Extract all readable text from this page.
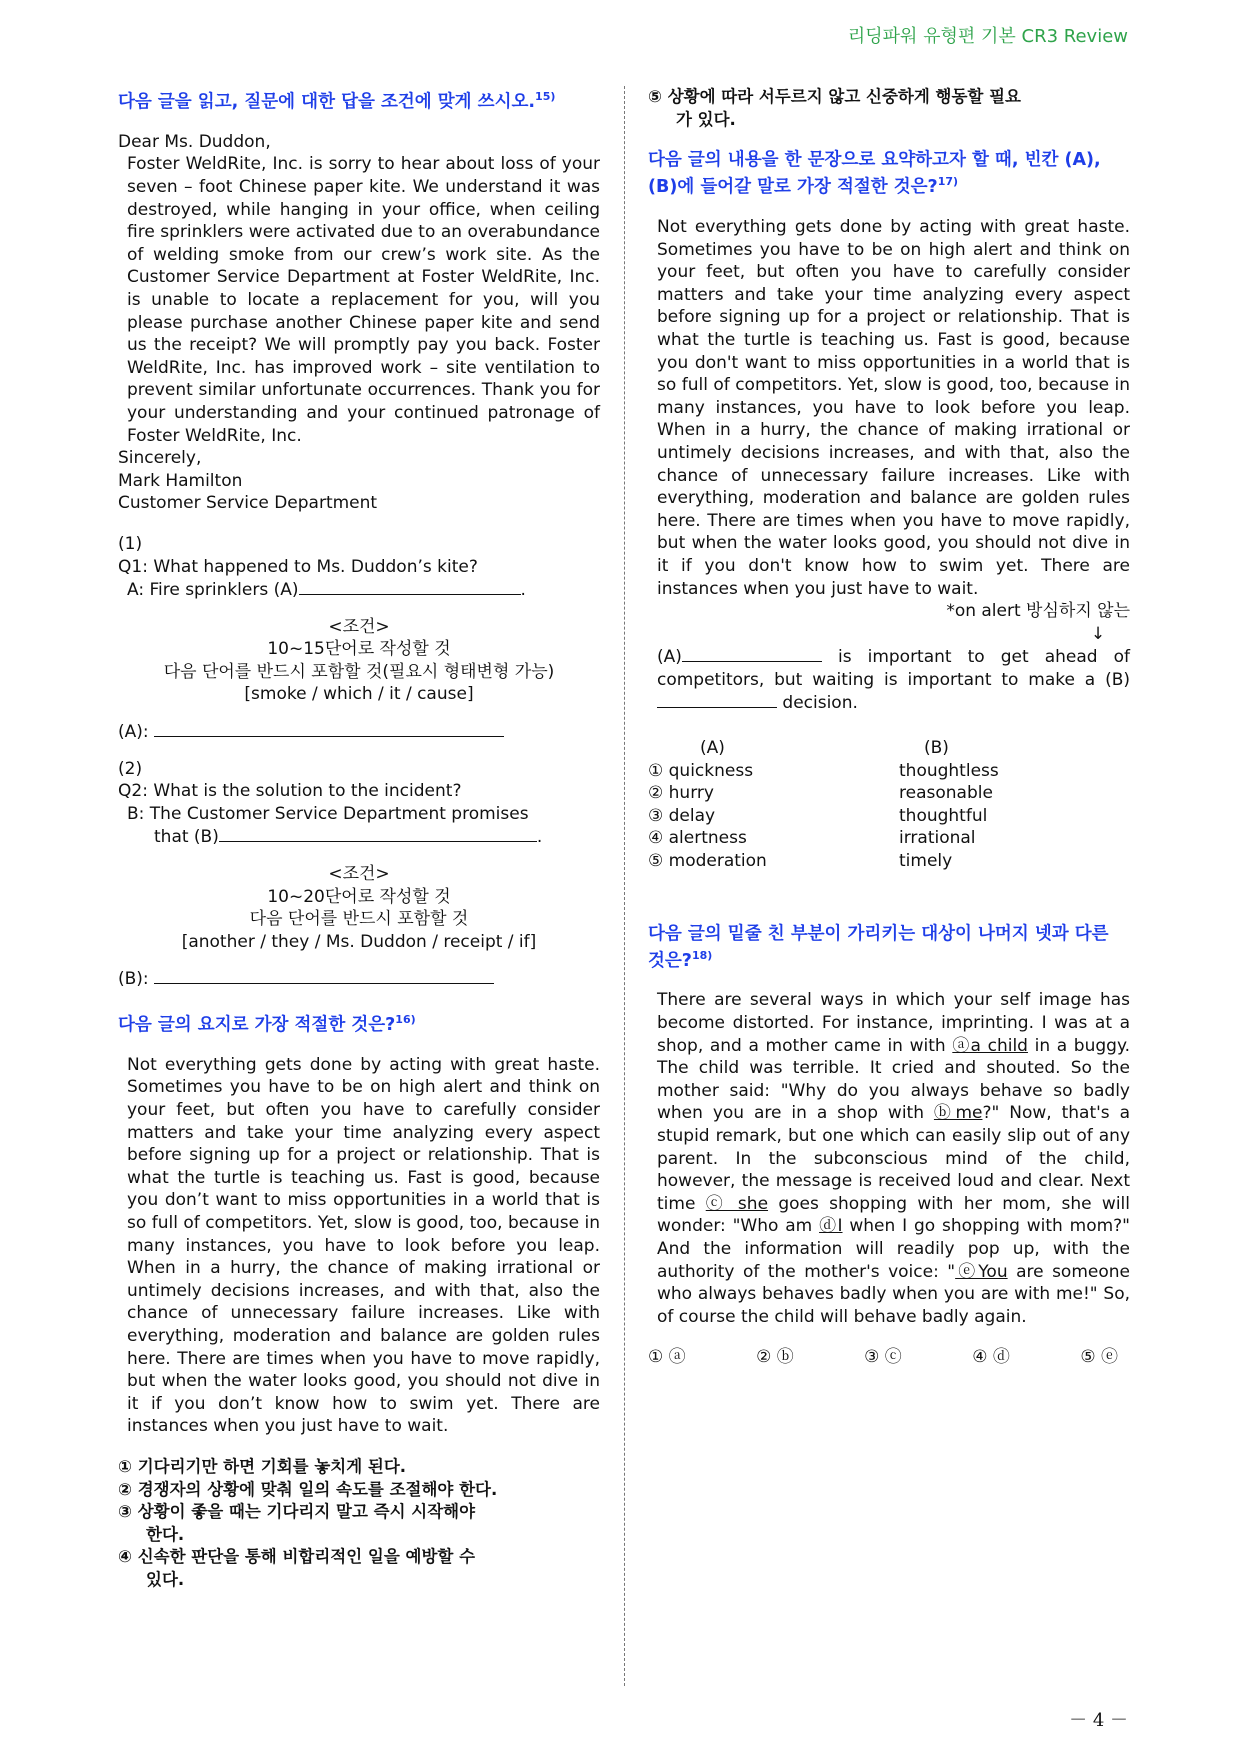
리딩파워 유형편 기본 CR3 Review
다음 글을 읽고, 질문에 대한 답을 조건에 맞게 쓰시오.$^{15)}$
Dear Ms. Duddon,
Foster WeldRite, Inc. is sorry to hear about loss of your seven – foot Chinese paper kite. We understand it was destroyed, while hanging in your office, when ceiling fire sprinklers were activated due to an overabundance of welding smoke from our crew’s work site. As the Customer Service Department at Foster WeldRite, Inc. is unable to locate a replacement for you, will you please purchase another Chinese paper kite and send us the receipt? We will promptly pay you back. Foster WeldRite, Inc. has improved work – site ventilation to prevent similar unfortunate occurrences. Thank you for your understanding and your continued patronage of Foster WeldRite, Inc.
Sincerely,
Mark Hamilton
Customer Service Department
(1)
Q1: What happened to Ms. Duddon’s kite?
A: Fire sprinklers (A)	.
<조건>
10~15단어로 작성할 것
다음 단어를 반드시 포함할 것(필요시 형태변형 가능)
[smoke / which / it / cause]
(A):
(2)
Q2: What is the solution to the incident?
B: The Customer Service Department promises
that (B)	.
<조건>
10~20단어로 작성할 것
다음 단어를 반드시 포함할 것
[another / they / Ms. Duddon / receipt / if]
(B):
다음 글의 요지로 가장 적절한 것은?$^{16)}$
Not everything gets done by acting with great haste. Sometimes you have to be on high alert and think on your feet, but often you have to carefully consider matters and take your time analyzing every aspect before signing up for a project or relationship. That is what the turtle is teaching us. Fast is good, because you don’t want to miss opportunities in a world that is so full of competitors. Yet, slow is good, too, because in many instances, you have to look before you leap. When in a hurry, the chance of making irrational or untimely decisions increases, and with that, also the chance of unnecessary failure increases. Like with everything, moderation and balance are golden rules here. There are times when you have to move rapidly, but when the water looks good, you should not dive in it if you don’t know how to swim yet. There are instances when you just have to wait.
① 기다리기만 하면 기회를 놓치게 된다.
② 경쟁자의 상황에 맞춰 일의 속도를 조절해야 한다.
③ 상황이 좋을 때는 기다리지 말고 즉시 시작해야
한다.
④ 신속한 판단을 통해 비합리적인 일을 예방할 수
있다.
⑤ 상황에 따라 서두르지 않고 신중하게 행동할 필요
가 있다.
다음 글의 내용을 한 문장으로 요약하고자 할 때, 빈칸 (A), (B)에 들어갈 말로 가장 적절한 것은?$^{17)}$
Not everything gets done by acting with great haste. Sometimes you have to be on high alert and think on your feet, but often you have to carefully consider matters and take your time analyzing every aspect before signing up for a project or relationship. That is what the turtle is teaching us. Fast is good, because you don't want to miss opportunities in a world that is so full of competitors. Yet, slow is good, too, because in many instances, you have to look before you leap. When in a hurry, the chance of making irrational or untimely decisions increases, and with that, also the chance of unnecessary failure increases. Like with everything, moderation and balance are golden rules here. There are times when you have to move rapidly, but when the water looks good, you should not dive in it if you don't know how to swim yet. There are instances when you just have to wait.
*on alert 방심하지 않는
↓
(A)	is important to get ahead of competitors, but waiting is important to make a (B) decision.
(A)	(B)
① quickness	thoughtless
② hurry	reasonable
③ delay	thoughtful
④ alertness	irrational
⑤ moderation	timely
다음 글의 밑줄 친 부분이 가리키는 대상이 나머지 넷과 다른 것은?$^{18)}$
There are several ways in which your self image has become distorted. For instance, imprinting. I was at a shop, and a mother came in with ⓐa child in a buggy. The child was terrible. It cried and shouted. So the mother said: "Why do you always behave so badly when you are in a shop with ⓑme?" Now, that's a stupid remark, but one which can easily slip out of any parent. In the subconscious mind of the child, however, the message is received loud and clear. Next time ⓒ she goes shopping with her mom, she will wonder: "Who am ⓓI when I go shopping with mom?" And the information will readily pop up, with the authority of the mother's voice: "ⓔYou are someone who always behaves badly when you are with me!" So, of course the child will behave badly again.
① ⓐ	② ⓑ	③ ⓒ	④ ⓓ	⑤ ⓔ
－ 4 －
